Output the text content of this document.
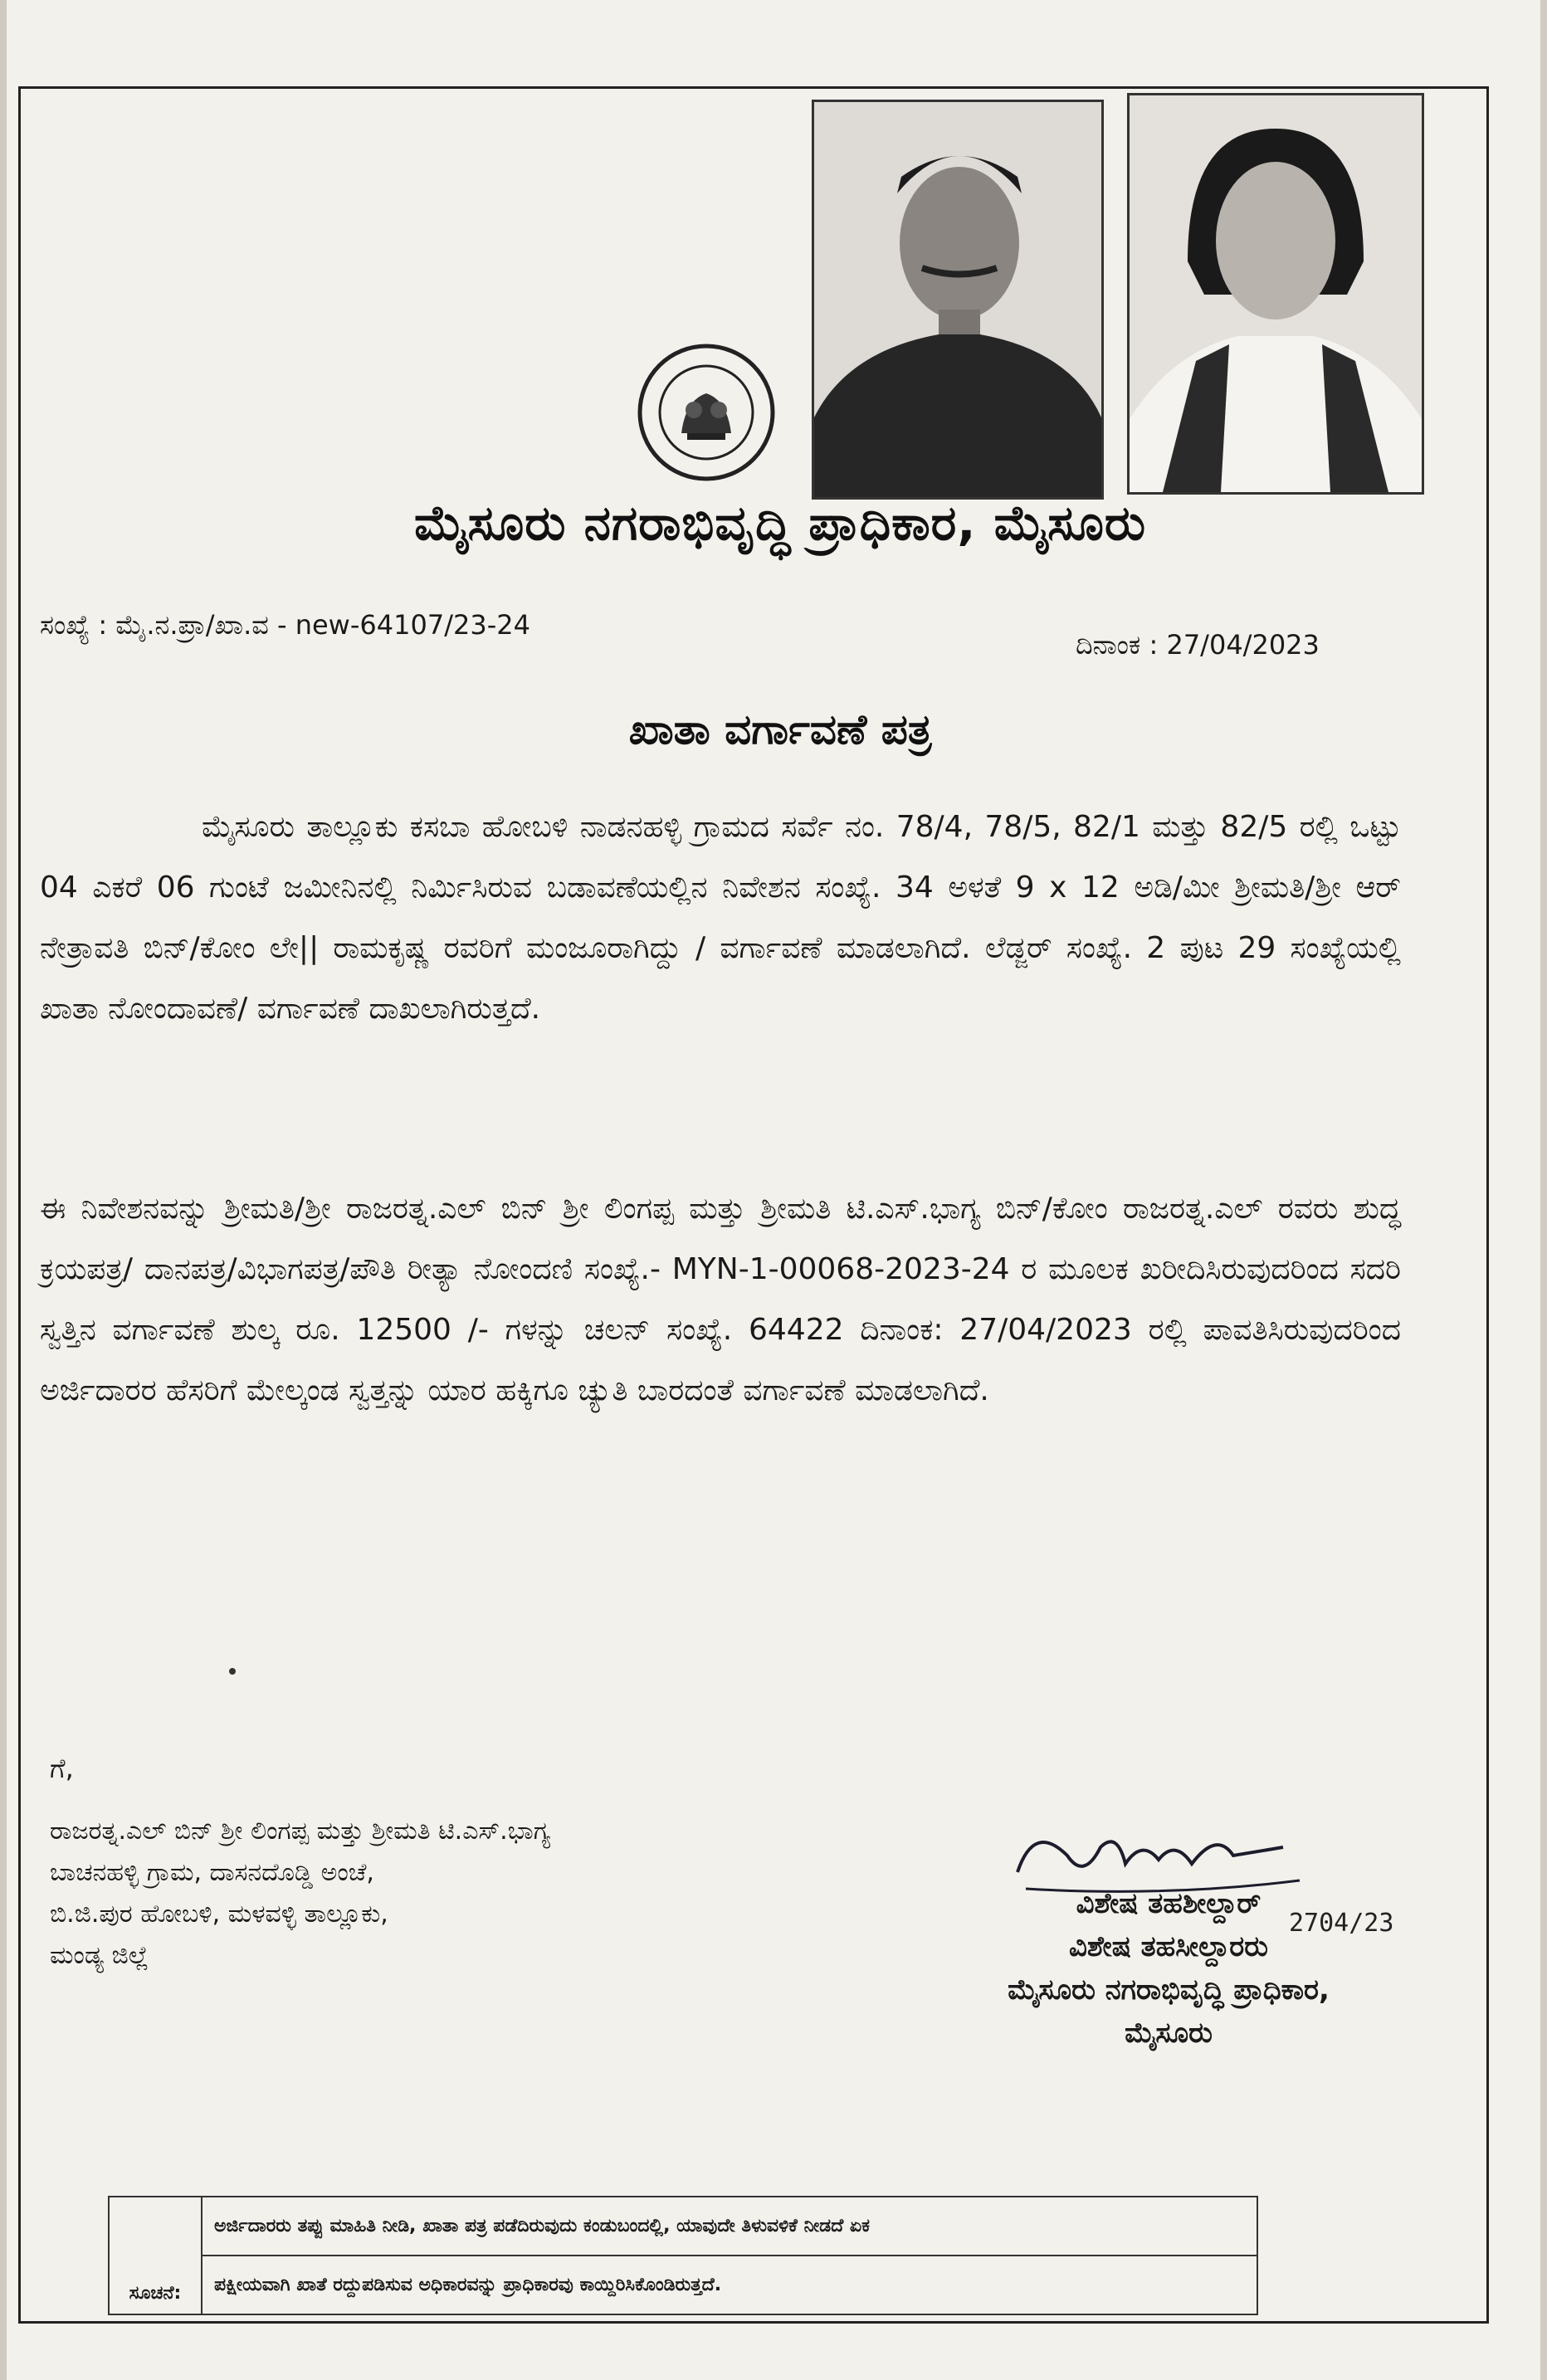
ಮೈಸೂರು ನಗರಾಭಿವೃದ್ಧಿ ಪ್ರಾಧಿಕಾರ, ಮೈಸೂರು
ಸಂಖ್ಯೆ : ಮೈ.ನ.ಪ್ರಾ/ಖಾ.ವ - new-64107/23-24
ದಿನಾಂಕ : 27/04/2023
ಖಾತಾ ವರ್ಗಾವಣೆ ಪತ್ರ
ಮೈಸೂರು ತಾಲ್ಲೂಕು ಕಸಬಾ ಹೋಬಳಿ ನಾಡನಹಳ್ಳಿ ಗ್ರಾಮದ ಸರ್ವೆ ನಂ. 78/4, 78/5, 82/1 ಮತ್ತು 82/5 ರಲ್ಲಿ ಒಟ್ಟು 04 ಎಕರೆ 06 ಗುಂಟೆ ಜಮೀನಿನಲ್ಲಿ ನಿರ್ಮಿಸಿರುವ ಬಡಾವಣೆಯಲ್ಲಿನ ನಿವೇಶನ ಸಂಖ್ಯೆ. 34 ಅಳತೆ 9 x 12 ಅಡಿ/ಮೀ ಶ್ರೀಮತಿ/ಶ್ರೀ ಆರ್ ನೇತ್ರಾವತಿ ಬಿನ್/ಕೋಂ ಲೇ|| ರಾಮಕೃಷ್ಣ ರವರಿಗೆ ಮಂಜೂರಾಗಿದ್ದು / ವರ್ಗಾವಣೆ ಮಾಡಲಾಗಿದೆ. ಲೆಡ್ಜರ್ ಸಂಖ್ಯೆ. 2 ಪುಟ 29 ಸಂಖ್ಯೆಯಲ್ಲಿ ಖಾತಾ ನೋಂದಾವಣೆ/ ವರ್ಗಾವಣೆ ದಾಖಲಾಗಿರುತ್ತದೆ.
ಈ ನಿವೇಶನವನ್ನು ಶ್ರೀಮತಿ/ಶ್ರೀ ರಾಜರತ್ನ.ಎಲ್ ಬಿನ್ ಶ್ರೀ ಲಿಂಗಪ್ಪ ಮತ್ತು ಶ್ರೀಮತಿ ಟಿ.ಎಸ್.ಭಾಗ್ಯ ಬಿನ್/ಕೋಂ ರಾಜರತ್ನ.ಎಲ್ ರವರು ಶುದ್ಧ ಕ್ರಯಪತ್ರ/ ದಾನಪತ್ರ/ವಿಭಾಗಪತ್ರ/ಪೌತಿ ರೀತ್ಯಾ ನೋಂದಣಿ ಸಂಖ್ಯೆ.- MYN-1-00068-2023-24 ರ ಮೂಲಕ ಖರೀದಿಸಿರುವುದರಿಂದ ಸದರಿ ಸ್ವತ್ತಿನ ವರ್ಗಾವಣೆ ಶುಲ್ಕ ರೂ. 12500 /- ಗಳನ್ನು ಚಲನ್ ಸಂಖ್ಯೆ. 64422 ದಿನಾಂಕ: 27/04/2023 ರಲ್ಲಿ ಪಾವತಿಸಿರುವುದರಿಂದ ಅರ್ಜಿದಾರರ ಹೆಸರಿಗೆ ಮೇಲ್ಕಂಡ ಸ್ವತ್ತನ್ನು ಯಾರ ಹಕ್ಕಿಗೂ ಚ್ಯುತಿ ಬಾರದಂತೆ ವರ್ಗಾವಣೆ ಮಾಡಲಾಗಿದೆ.
ಗೆ,
ರಾಜರತ್ನ.ಎಲ್ ಬಿನ್ ಶ್ರೀ ಲಿಂಗಪ್ಪ ಮತ್ತು ಶ್ರೀಮತಿ ಟಿ.ಎಸ್.ಭಾಗ್ಯ
ಬಾಚನಹಳ್ಳಿ ಗ್ರಾಮ, ದಾಸನದೊಡ್ಡಿ ಅಂಚೆ,
ಬಿ.ಜಿ.ಪುರ ಹೋಬಳಿ, ಮಳವಳ್ಳಿ ತಾಲ್ಲೂಕು,
ಮಂಡ್ಯ ಜಿಲ್ಲೆ
2704/23
ವಿಶೇಷ ತಹಶೀಲ್ದಾರ್
ವಿಶೇಷ ತಹಸೀಲ್ದಾರರು
ಮೈಸೂರು ನಗರಾಭಿವೃದ್ಧಿ ಪ್ರಾಧಿಕಾರ,
ಮೈಸೂರು
ಸೂಚನೆ:
ಅರ್ಜಿದಾರರು ತಪ್ಪು ಮಾಹಿತಿ ನೀಡಿ, ಖಾತಾ ಪತ್ರ ಪಡೆದಿರುವುದು ಕಂಡುಬಂದಲ್ಲಿ, ಯಾವುದೇ ತಿಳುವಳಿಕೆ ನೀಡದೆ ಏಕ
ಪಕ್ಷೀಯವಾಗಿ ಖಾತೆ ರದ್ದುಪಡಿಸುವ ಅಧಿಕಾರವನ್ನು ಪ್ರಾಧಿಕಾರವು ಕಾಯ್ದಿರಿಸಿಕೊಂಡಿರುತ್ತದೆ.
